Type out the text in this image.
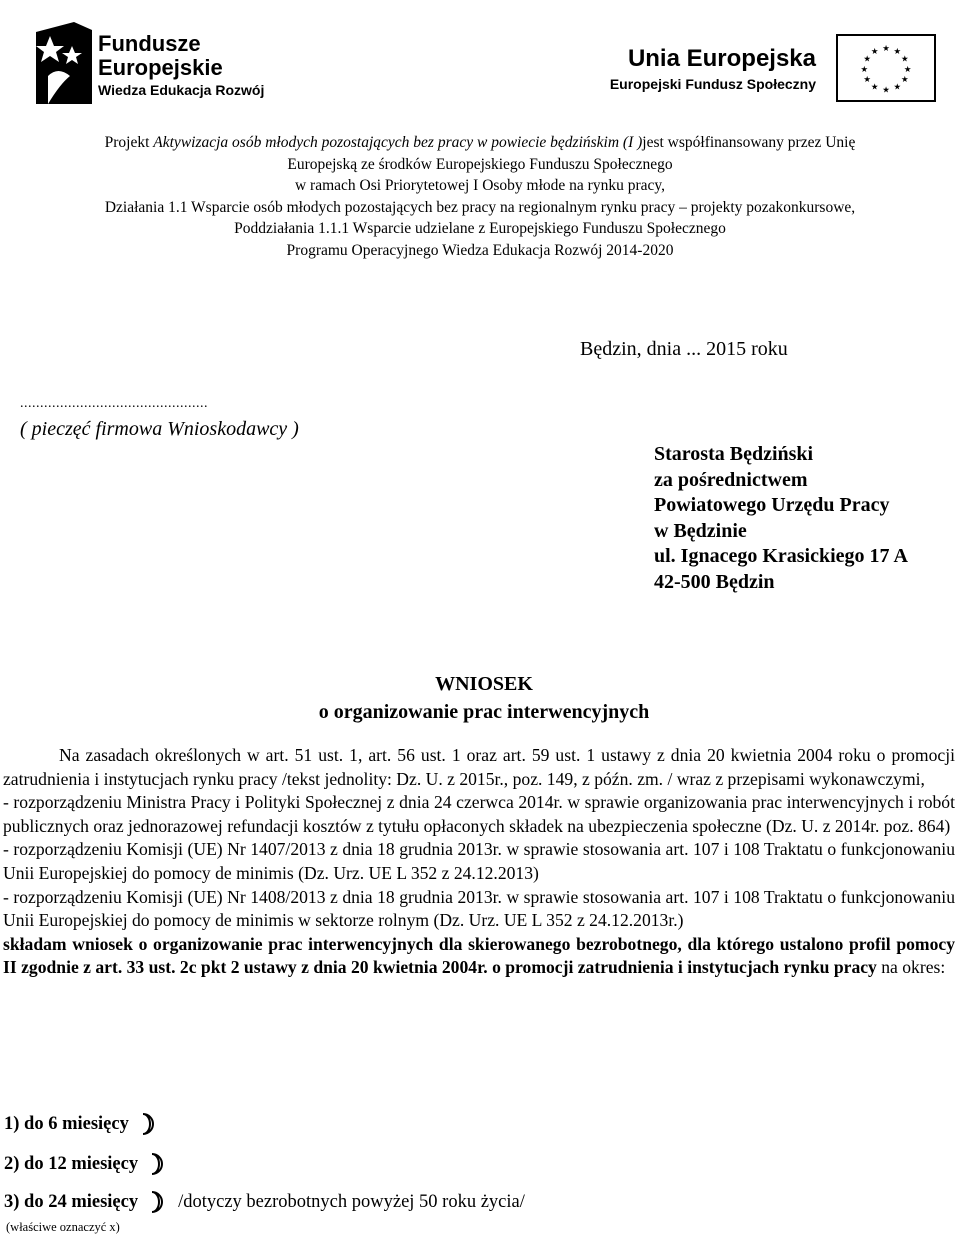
Fundusze
Europejskie
Wiedza Edukacja Rozwój
Unia Europejska
Europejski Fundusz Społeczny
★ ★
★
★
★
★
★
★
★
★
★
★
Projekt Aktywizacja osób młodych pozostających bez pracy w powiecie będzińskim (I )jest współfinansowany przez Unię
Europejską ze środków Europejskiego Funduszu Społecznego
w ramach Osi Priorytetowej I Osoby młode na rynku pracy,
Działania 1.1 Wsparcie osób młodych pozostających bez pracy na regionalnym rynku pracy – projekty pozakonkursowe,
Poddziałania 1.1.1 Wsparcie udzielane z Europejskiego Funduszu Społecznego
Programu Operacyjnego Wiedza Edukacja Rozwój 2014-2020
Będzin, dnia ... 2015 roku
...............................................
( pieczęć firmowa Wnioskodawcy )
Starosta Będziński
za pośrednictwem
Powiatowego Urzędu Pracy
w Będzinie
ul. Ignacego Krasickiego 17 A
42-500 Będzin
WNIOSEK
o organizowanie prac interwencyjnych

Na zasadach określonych w art. 51 ust. 1, art. 56 ust. 1 oraz art. 59 ust. 1 ustawy z dnia 20 kwietnia 2004 roku o promocji zatrudnienia i instytucjach rynku pracy /tekst jednolity: Dz. U. z 2015r., poz. 149, z późn. zm. / wraz z przepisami wykonawczymi,

- rozporządzeniu Ministra Pracy i Polityki Społecznej z dnia 24 czerwca 2014r. w sprawie organizowania prac interwencyjnych i robót publicznych oraz jednorazowej refundacji kosztów z tytułu opłaconych składek na ubezpieczenia społeczne (Dz. U. z 2014r. poz. 864)

- rozporządzeniu Komisji (UE) Nr 1407/2013 z dnia 18 grudnia 2013r. w sprawie stosowania art. 107 i 108 Traktatu o funkcjonowaniu Unii Europejskiej do pomocy de minimis (Dz. Urz. UE L 352 z 24.12.2013)

- rozporządzeniu Komisji (UE) Nr 1408/2013 z dnia 18 grudnia 2013r. w sprawie stosowania art. 107 i 108 Traktatu o funkcjonowaniu Unii Europejskiej do pomocy de minimis w sektorze rolnym (Dz. Urz. UE L 352 z 24.12.2013r.)

składam wniosek o organizowanie prac interwencyjnych dla skierowanego bezrobotnego, dla którego ustalono profil pomocy II zgodnie z art. 33 ust. 2c pkt 2 ustawy z dnia 20 kwietnia 2004r. o promocji zatrudnienia i instytucjach rynku pracy na okres:

1) do 6 miesięcy
2) do 12 miesięcy
3) do 24 miesięcy /dotyczy bezrobotnych powyżej 50 roku życia/
(właściwe oznaczyć x)
